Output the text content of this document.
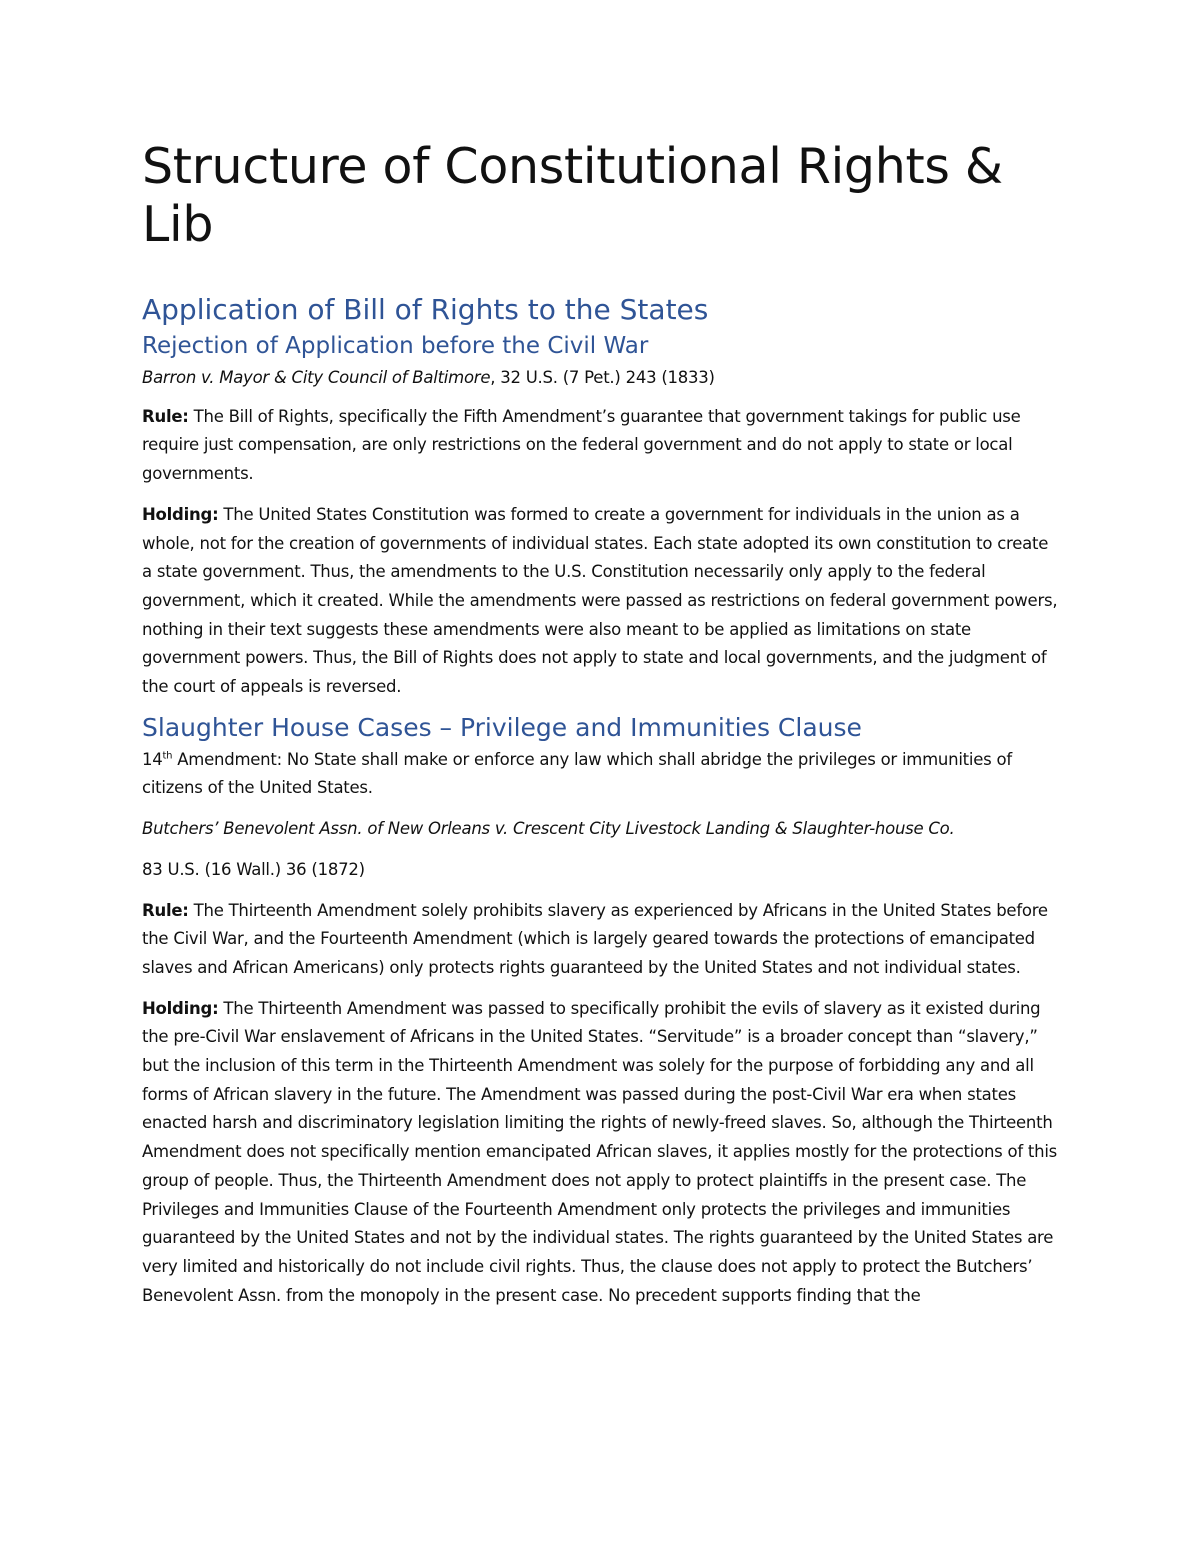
Structure of Constitutional Rights & Lib
Application of Bill of Rights to the States
Rejection of Application before the Civil War

Barron v. Mayor & City Council of Baltimore, 32 U.S. (7 Pet.) 243 (1833)

Rule: The Bill of Rights, specifically the Fifth Amendment’s guarantee that government takings for public use require just compensation, are only restrictions on the federal government and do not apply to state or local governments.

Holding: The United States Constitution was formed to create a government for individuals in the union as a whole, not for the creation of governments of individual states. Each state adopted its own constitution to create a state government. Thus, the amendments to the U.S. Constitution necessarily only apply to the federal government, which it created. While the amendments were passed as restrictions on federal government powers, nothing in their text suggests these amendments were also meant to be applied as limitations on state government powers. Thus, the Bill of Rights does not apply to state and local governments, and the judgment of the court of appeals is reversed.

Slaughter House Cases – Privilege and Immunities Clause

14th Amendment: No State shall make or enforce any law which shall abridge the privileges or immunities of citizens of the United States.

Butchers’ Benevolent Assn. of New Orleans v. Crescent City Livestock Landing & Slaughter-house Co.

83 U.S. (16 Wall.) 36 (1872)

Rule: The Thirteenth Amendment solely prohibits slavery as experienced by Africans in the United States before the Civil War, and the Fourteenth Amendment (which is largely geared towards the protections of emancipated slaves and African Americans) only protects rights guaranteed by the United States and not individual states.

Holding: The Thirteenth Amendment was passed to specifically prohibit the evils of slavery as it existed during the pre-Civil War enslavement of Africans in the United States. “Servitude” is a broader concept than “slavery,” but the inclusion of this term in the Thirteenth Amendment was solely for the purpose of forbidding any and all forms of African slavery in the future. The Amendment was passed during the post-Civil War era when states enacted harsh and discriminatory legislation limiting the rights of newly-freed slaves. So, although the Thirteenth Amendment does not specifically mention emancipated African slaves, it applies mostly for the protections of this group of people. Thus, the Thirteenth Amendment does not apply to protect plaintiffs in the present case. The Privileges and Immunities Clause of the Fourteenth Amendment only protects the privileges and immunities guaranteed by the United States and not by the individual states. The rights guaranteed by the United States are very limited and historically do not include civil rights. Thus, the clause does not apply to protect the Butchers’ Benevolent Assn. from the monopoly in the present case. No precedent supports finding that the
